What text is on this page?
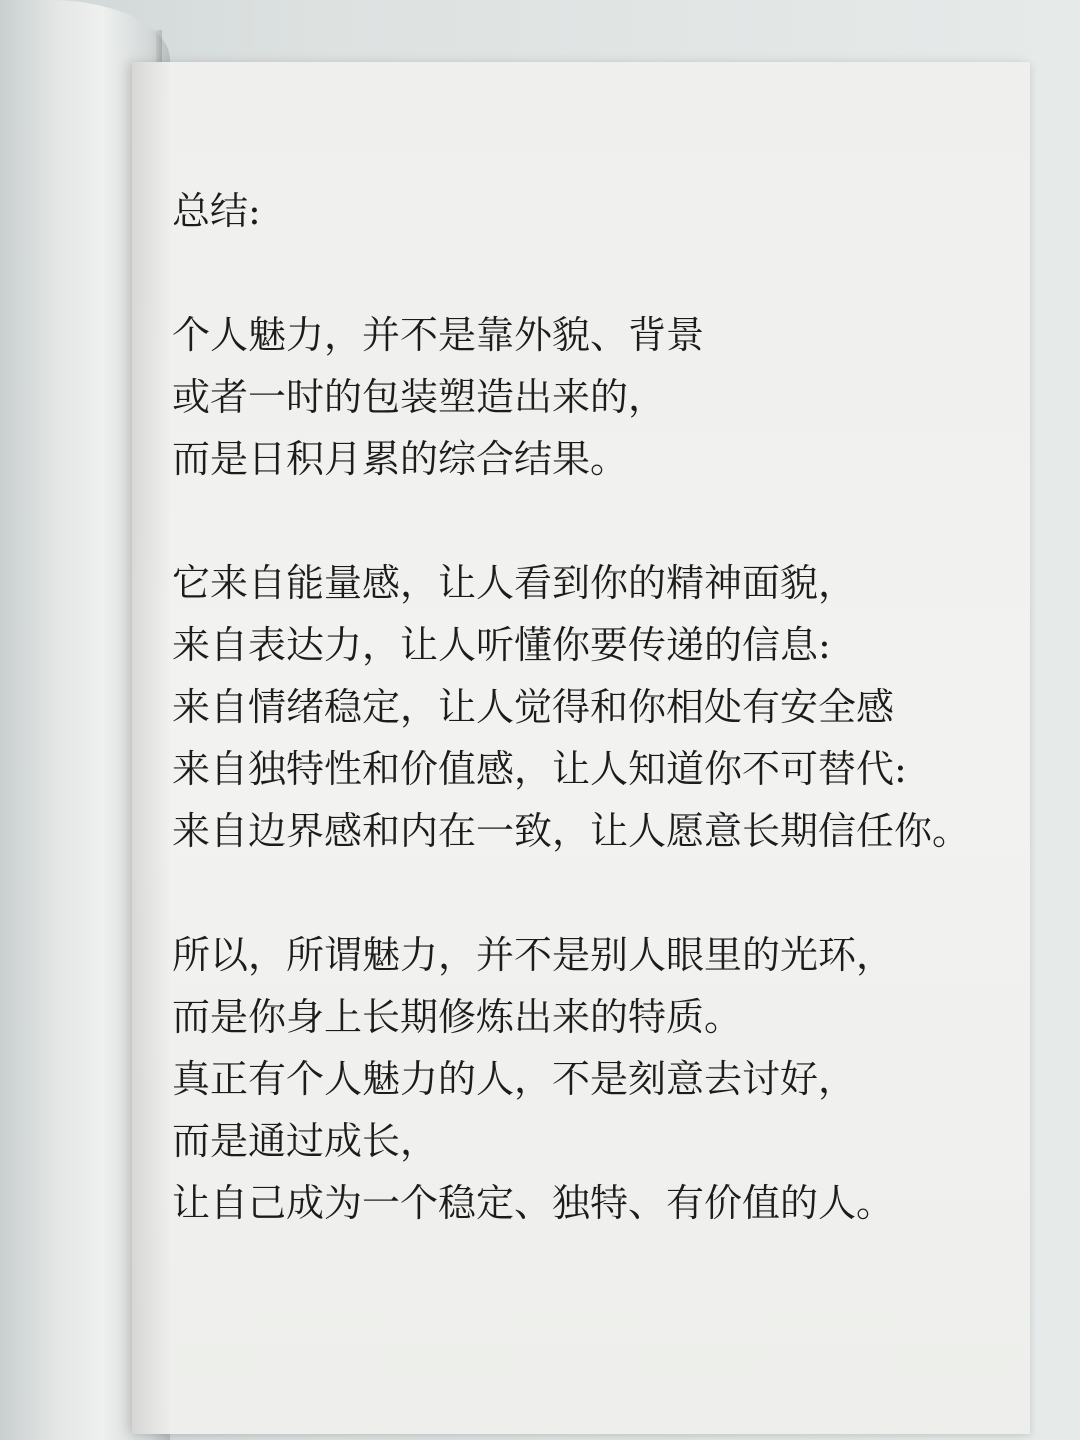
总结:
个人魅力，并不是靠外貌、背景
或者一时的包装塑造出来的，
而是日积月累的综合结果。
它来自能量感，让人看到你的精神面貌，
来自表达力，让人听懂你要传递的信息:
来自情绪稳定，让人觉得和你相处有安全感
来自独特性和价值感，让人知道你不可替代:
来自边界感和内在一致，让人愿意长期信任你。
所以，所谓魅力，并不是别人眼里的光环，
而是你身上长期修炼出来的特质。
真正有个人魅力的人，不是刻意去讨好，
而是通过成长，
让自己成为一个稳定、独特、有价值的人。
